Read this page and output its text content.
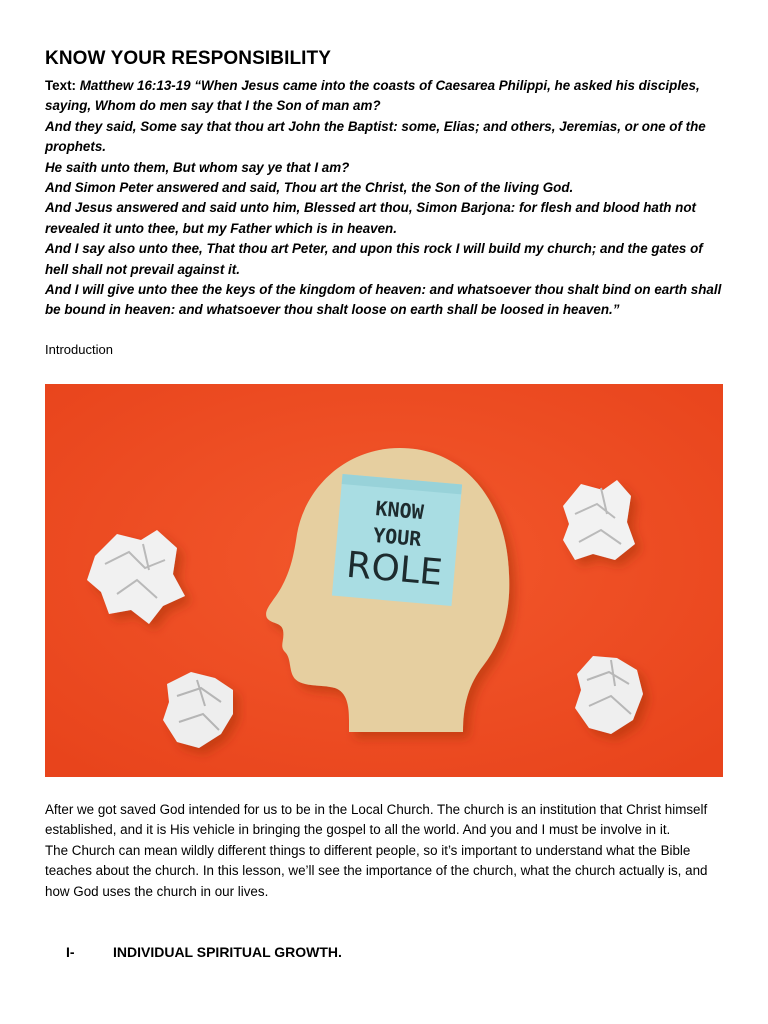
KNOW YOUR RESPONSIBILITY
Text: Matthew 16:13-19 “When Jesus came into the coasts of Caesarea Philippi, he asked his disciples, saying, Whom do men say that I the Son of man am?
And they said, Some say that thou art John the Baptist: some, Elias; and others, Jeremias, or one of the prophets.
He saith unto them, But whom say ye that I am?
And Simon Peter answered and said, Thou art the Christ, the Son of the living God.
And Jesus answered and said unto him, Blessed art thou, Simon Barjona: for flesh and blood hath not revealed it unto thee, but my Father which is in heaven.
And I say also unto thee, That thou art Peter, and upon this rock I will build my church; and the gates of hell shall not prevail against it.
And I will give unto thee the keys of the kingdom of heaven: and whatsoever thou shalt bind on earth shall be bound in heaven: and whatsoever thou shalt loose on earth shall be loosed in heaven.”
Introduction
KNOW
YOUR
ROLE

After we got saved God intended for us to be in the Local Church. The church is an institution that Christ himself established, and it is His vehicle in bringing the gospel to all the world. And you and I must be involve in it.

The Church can mean wildly different things to different people, so it’s important to understand what the Bible teaches about the church. In this lesson, we’ll see the importance of the church, what the church actually is, and how God uses the church in our lives.

I-	INDIVIDUAL SPIRITUAL GROWTH.
